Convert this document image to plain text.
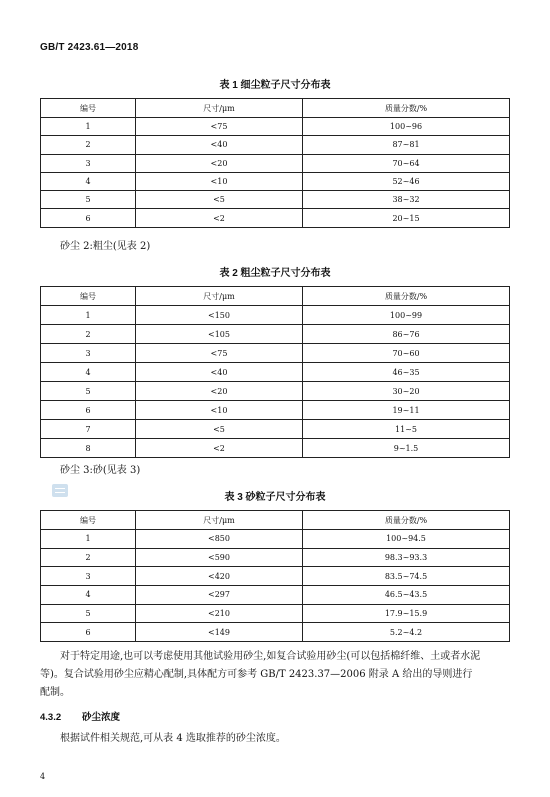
GB/T 2423.61—2018
表 1 细尘粒子尺寸分布表
编号	尺寸/μm	质量分数/%
1	<75	100~96
2	<40	87~81
3	<20	70~64
4	<10	52~46
5	<5	38~32
6	<2	20~15
砂尘 2:粗尘(见表 2)
表 2 粗尘粒子尺寸分布表
编号	尺寸/μm	质量分数/%
1	<150	100~99
2	<105	86~76
3	<75	70~60
4	<40	46~35
5	<20	30~20
6	<10	19~11
7	<5	11~5
8	<2	9~1.5
砂尘 3:砂(见表 3)
表 3 砂粒子尺寸分布表
编号	尺寸/μm	质量分数/%
1	<850	100~94.5
2	<590	98.3~93.3
3	<420	83.5~74.5
4	<297	46.5~43.5
5	<210	17.9~15.9
6	<149	5.2~4.2
对于特定用途,也可以考虑使用其他试验用砂尘,如复合试验用砂尘(可以包括棉纤维、土或者水泥
等)。复合试验用砂尘应精心配制,具体配方可参考 GB/T 2423.37—2006 附录 A 给出的导则进行
配制。
4.3.2 砂尘浓度
根据试件相关规范,可从表 4 选取推荐的砂尘浓度。
4
